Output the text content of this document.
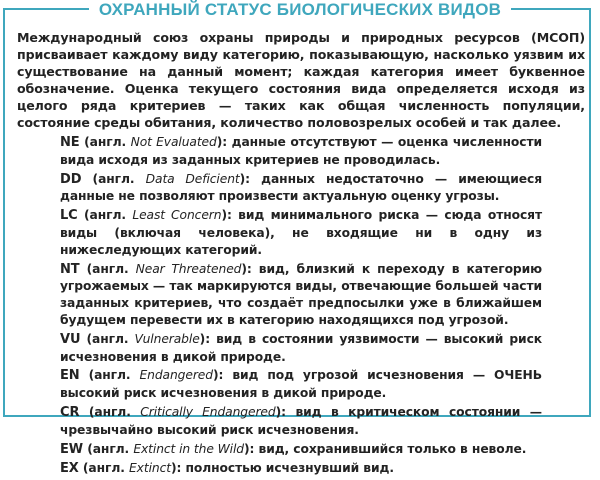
ОХРАННЫЙ СТАТУС БИОЛОГИЧЕСКИХ ВИДОВ

Международный союз охраны природы и природных ресурсов (МСОП) присваивает каждому виду категорию, показывающую, насколько уязвим их существование на данный момент; каждая категория имеет буквенное обозначение. Оценка текущего состояния вида определяется исходя из целого ряда критериев — таких как общая численность популяции, состояние среды обитания, количество половозрелых особей и так далее.

NE (англ. Not Evaluated): данные отсутствуют — оценка численности вида исходя из заданных критериев не проводилась.

DD (англ. Data Deficient): данных недостаточно — имеющиеся данные не позволяют произвести актуальную оценку угрозы.

LC (англ. Least Concern): вид минимального риска — сюда относят виды (включая человека), не входящие ни в одну из нижеследующих категорий.

NT (англ. Near Threatened): вид, близкий к переходу в категорию угрожаемых — так маркируются виды, отвечающие большей части заданных критериев, что создаёт предпосылки уже в ближайшем будущем перевести их в категорию находящихся под угрозой.

VU (англ. Vulnerable): вид в состоянии уязвимости — высокий риск исчезновения в дикой природе.

EN (англ. Endangered): вид под угрозой исчезновения — ОЧЕНЬ высокий риск исчезновения в дикой природе.

CR (англ. Critically Endangered): вид в критическом состоянии — чрезвычайно высокий риск исчезновения.

EW (англ. Extinct in the Wild): вид, сохранившийся только в неволе.

EX (англ. Extinct): полностью исчезнувший вид.
